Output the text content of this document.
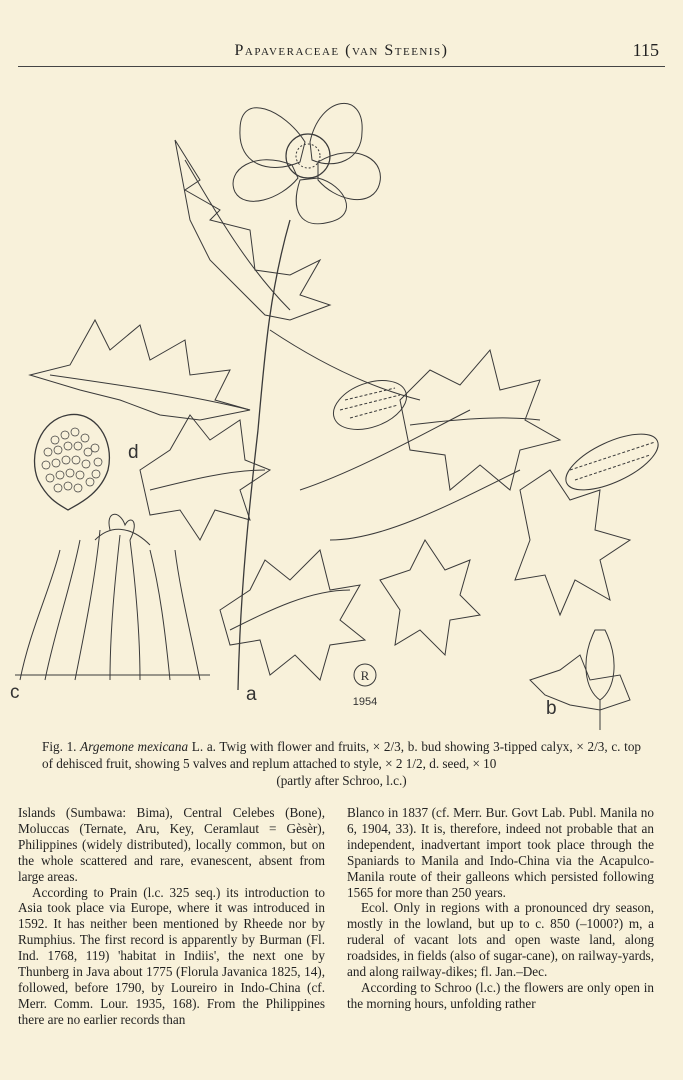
Papaveraceae (van Steenis)	115
R
1954
d
c	a
b
Fig. 1. Argemone mexicana L. a. Twig with flower and fruits, × 2/3, b. bud showing 3-tipped calyx, × 2/3, c. top of dehisced fruit, showing 5 valves and replum attached to style, × 2 1/2, d. seed, × 10
(partly after Schroo, l.c.)

Islands (Sumbawa: Bima), Central Celebes (Bone), Moluccas (Ternate, Aru, Key, Ceramlaut = Gèsèr), Philippines (widely distributed), locally common, but on the whole scattered and rare, evanescent, absent from large areas.

According to Prain (l.c. 325 seq.) its introduction to Asia took place via Europe, where it was introduced in 1592. It has neither been mentioned by Rheede nor by Rumphius. The first record is apparently by Burman (Fl. Ind. 1768, 119) 'habitat in Indiis', the next one by Thunberg in Java about 1775 (Florula Javanica 1825, 14), followed, before 1790, by Loureiro in Indo-China (cf. Merr. Comm. Lour. 1935, 168). From the Philippines there are no earlier records than

Blanco in 1837 (cf. Merr. Bur. Govt Lab. Publ. Manila no 6, 1904, 33). It is, therefore, indeed not probable that an independent, inadvertant import took place through the Spaniards to Manila and Indo-China via the Acapulco-Manila route of their galleons which persisted following 1565 for more than 250 years.

Ecol. Only in regions with a pronounced dry season, mostly in the lowland, but up to c. 850 (–1000?) m, a ruderal of vacant lots and open waste land, along roadsides, in fields (also of sugar-cane), on railway-yards, and along railway-dikes; fl. Jan.–Dec.

According to Schroo (l.c.) the flowers are only open in the morning hours, unfolding rather
